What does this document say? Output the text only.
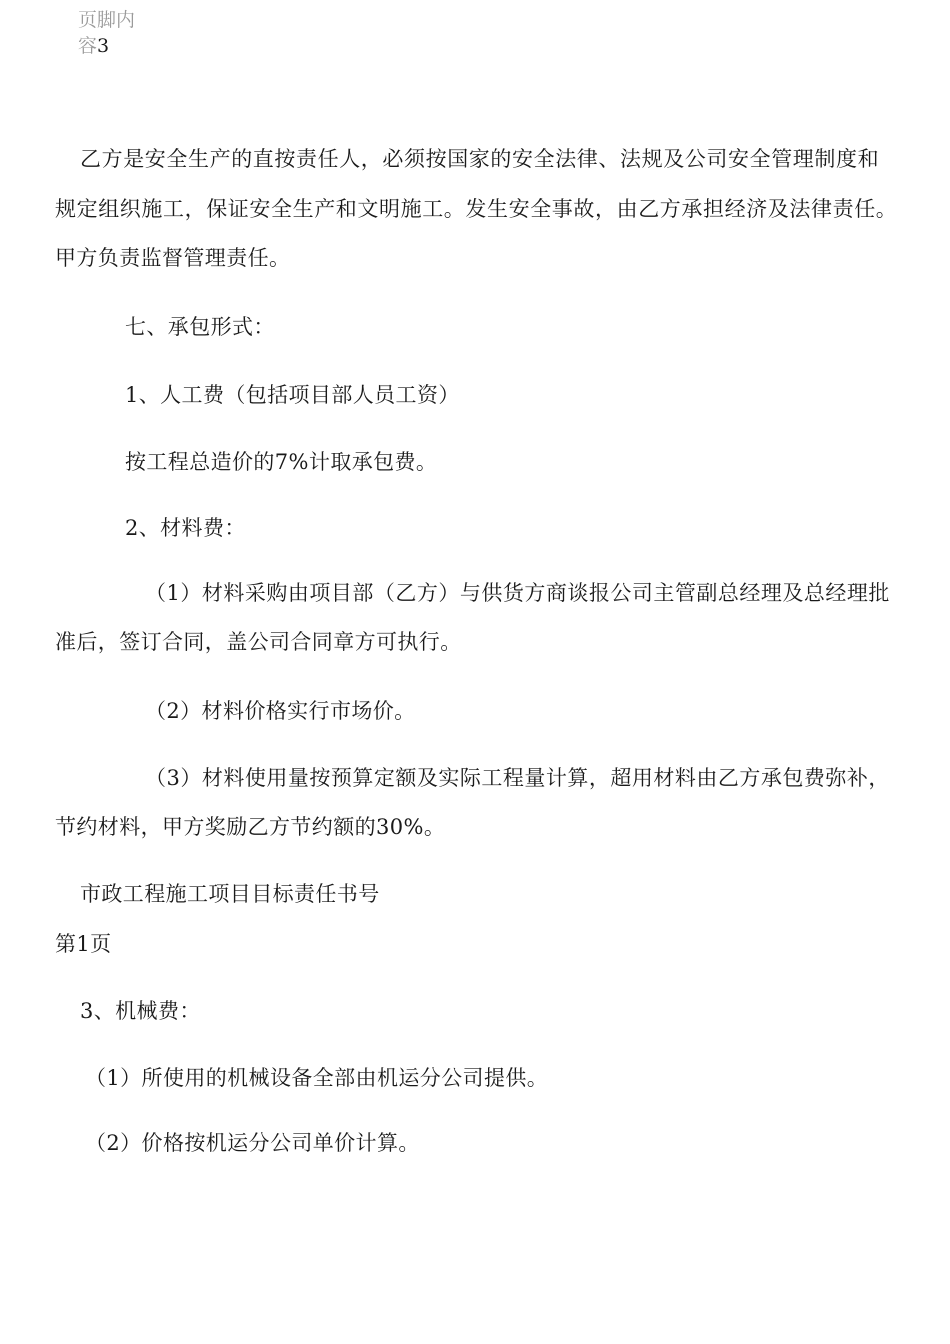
页脚内
容3
乙方是安全生产的直按责任人，必须按国家的安全法律、法规及公司安全管理制度和
规定组织施工，保证安全生产和文明施工。发生安全事故，由乙方承担经济及法律责任。
甲方负责监督管理责任。
七、承包形式：
1、人工费（包括项目部人员工资）
按工程总造价的7%计取承包费。
2、材料费：
（1）材料采购由项目部（乙方）与供货方商谈报公司主管副总经理及总经理批
准后，签订合同，盖公司合同章方可执行。
（2）材料价格实行市场价。
（3）材料使用量按预算定额及实际工程量计算，超用材料由乙方承包费弥补，
节约材料，甲方奖励乙方节约额的30%。
市政工程施工项目目标责任书号
第1页
3、机械费：
（1）所使用的机械设备全部由机运分公司提供。
（2）价格按机运分公司单价计算。
